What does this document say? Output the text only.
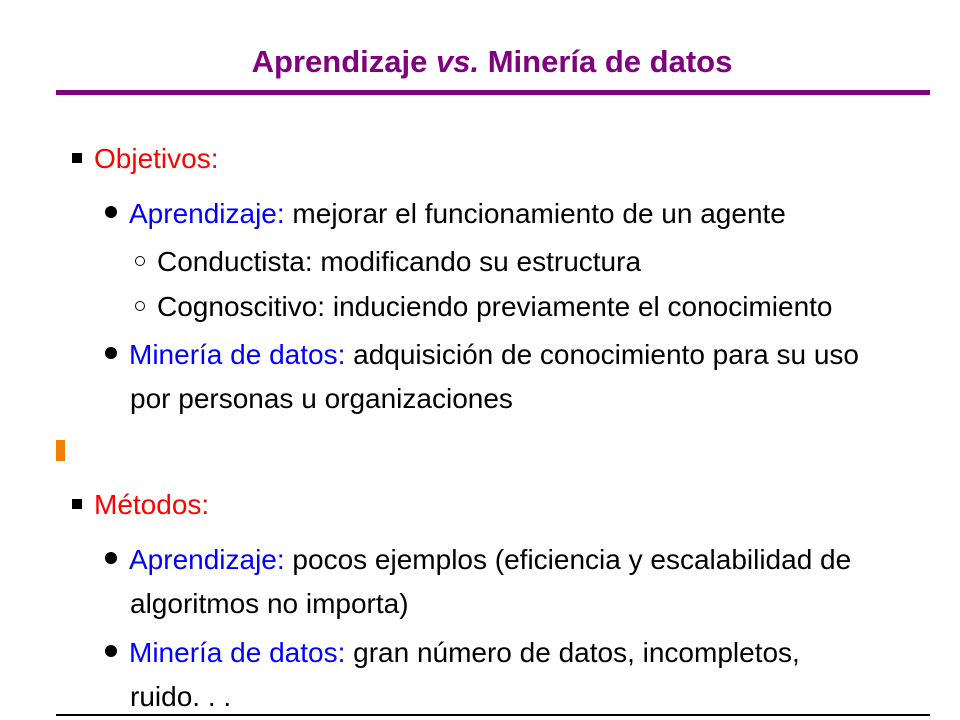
Aprendizaje vs. Minería de datos
Objetivos:
Aprendizaje: mejorar el funcionamiento de un agente
Conductista: modificando su estructura
Cognoscitivo: induciendo previamente el conocimiento
Minería de datos: adquisición de conocimiento para su uso
por personas u organizaciones
Métodos:
Aprendizaje: pocos ejemplos (eficiencia y escalabilidad de
algoritmos no importa)
Minería de datos: gran número de datos, incompletos,
ruido. . .
